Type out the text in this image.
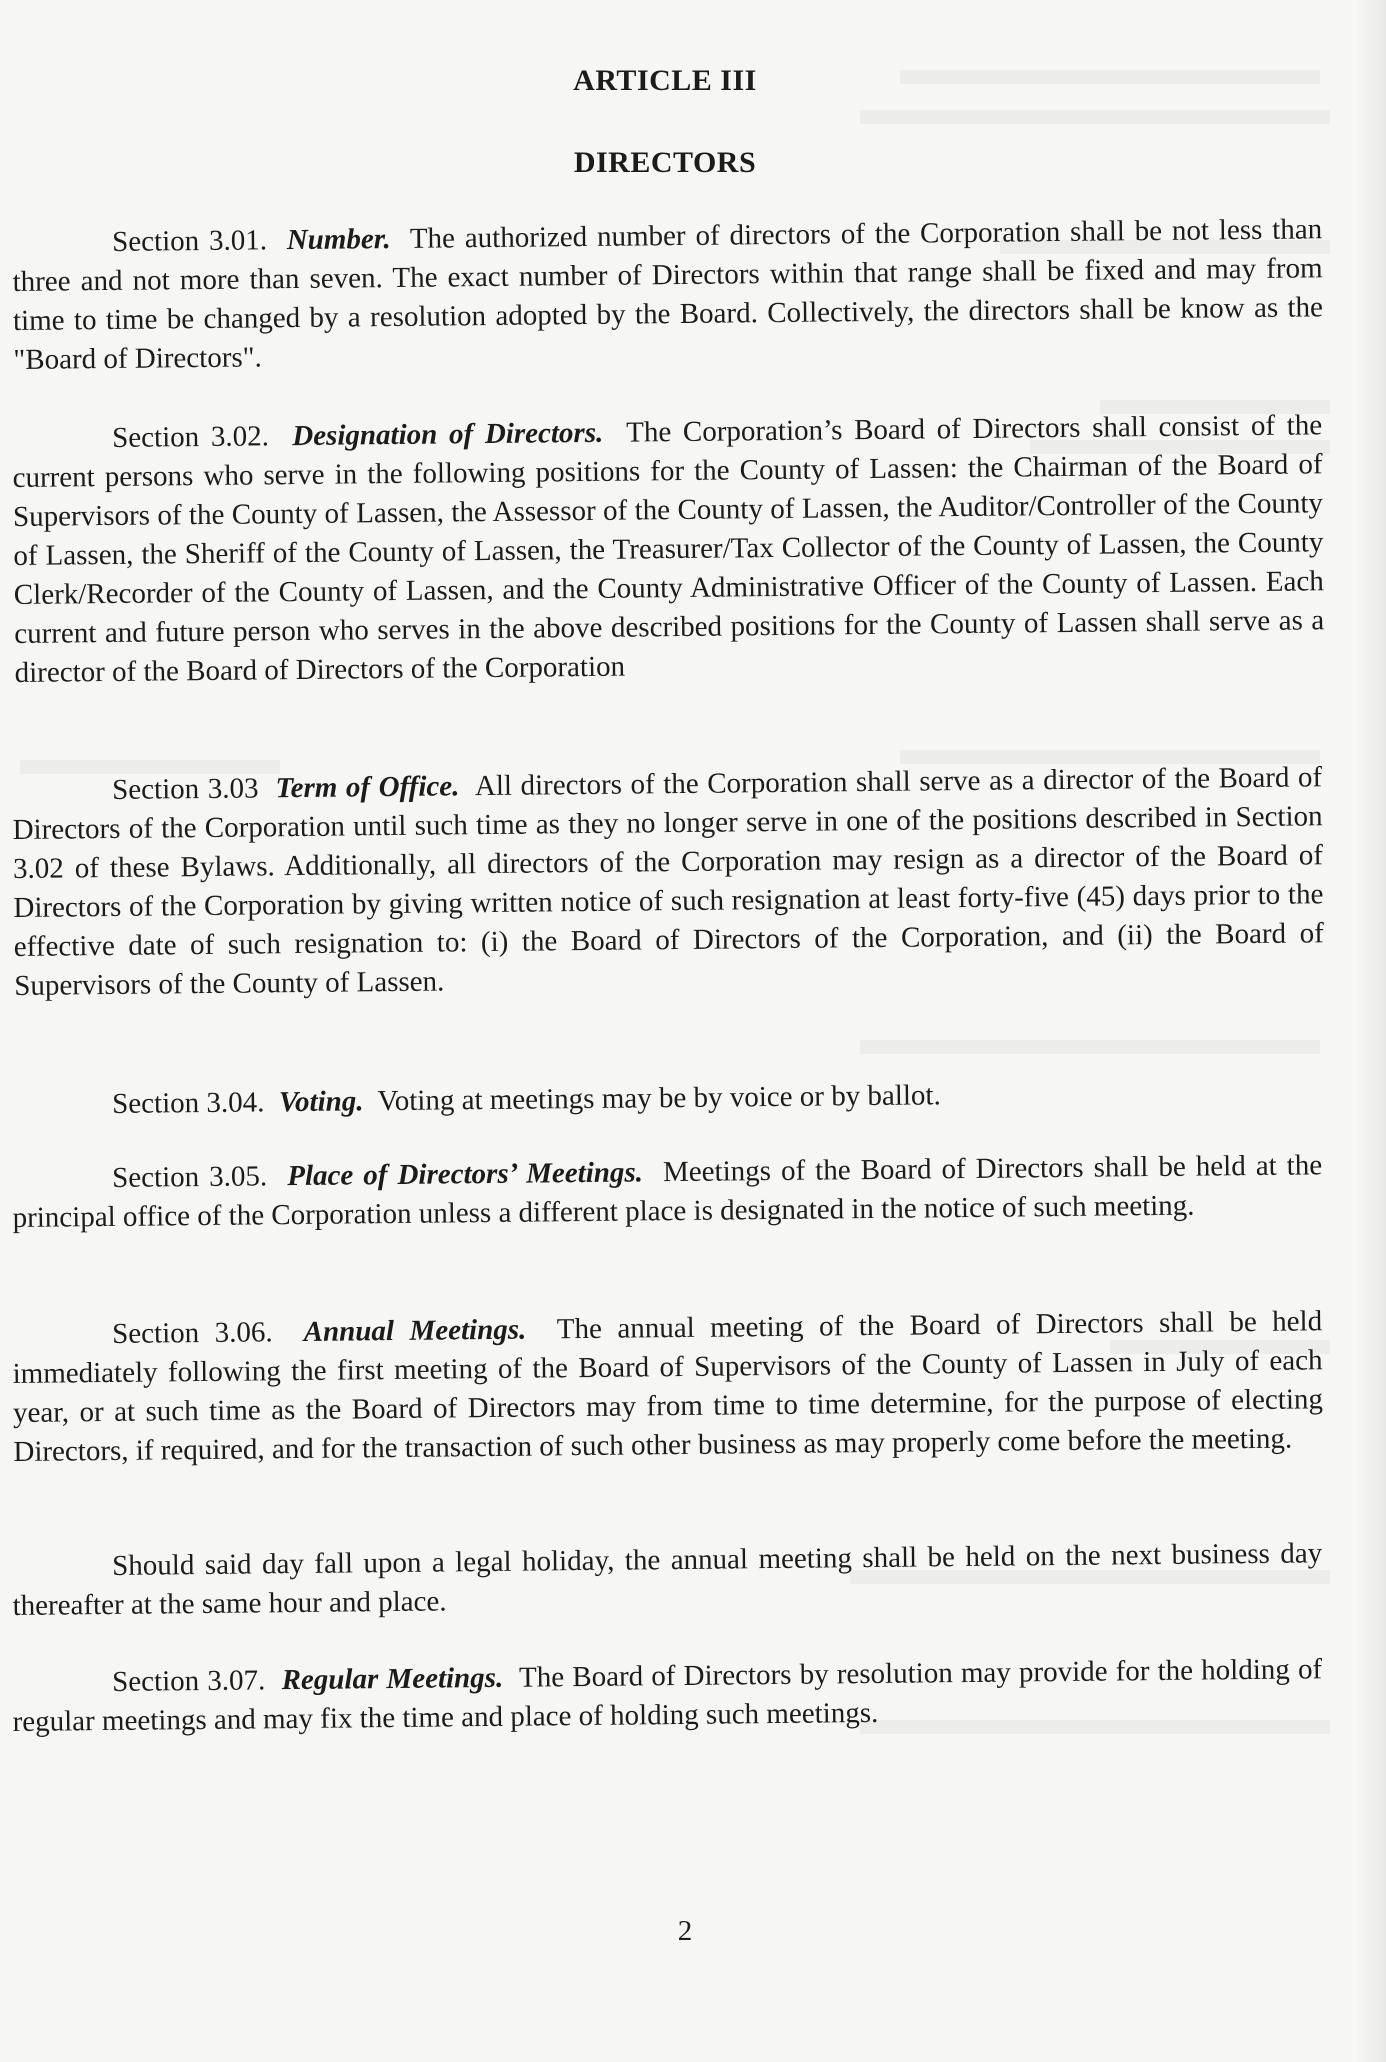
ARTICLE III
DIRECTORS
Section 3.01. Number. The authorized number of directors of the Corporation shall be not less than three and not more than seven. The exact number of Directors within that range shall be fixed and may from time to time be changed by a resolution adopted by the Board. Collectively, the directors shall be know as the "Board of Directors".
Section 3.02. Designation of Directors. The Corporation’s Board of Directors shall consist of the current persons who serve in the following positions for the County of Lassen: the Chairman of the Board of Supervisors of the County of Lassen, the Assessor of the County of Lassen, the Auditor/Controller of the County of Lassen, the Sheriff of the County of Lassen, the Treasurer/Tax Collector of the County of Lassen, the County Clerk/Recorder of the County of Lassen, and the County Administrative Officer of the County of Lassen. Each current and future person who serves in the above described positions for the County of Lassen shall serve as a director of the Board of Directors of the Corporation
Section 3.03 Term of Office. All directors of the Corporation shall serve as a director of the Board of Directors of the Corporation until such time as they no longer serve in one of the positions described in Section 3.02 of these Bylaws. Additionally, all directors of the Corporation may resign as a director of the Board of Directors of the Corporation by giving written notice of such resignation at least forty-five (45) days prior to the effective date of such resignation to: (i) the Board of Directors of the Corporation, and (ii) the Board of Supervisors of the County of Lassen.
Section 3.04. Voting. Voting at meetings may be by voice or by ballot.
Section 3.05. Place of Directors’ Meetings. Meetings of the Board of Directors shall be held at the principal office of the Corporation unless a different place is designated in the notice of such meeting.
Section 3.06. Annual Meetings. The annual meeting of the Board of Directors shall be held immediately following the first meeting of the Board of Supervisors of the County of Lassen in July of each year, or at such time as the Board of Directors may from time to time determine, for the purpose of electing Directors, if required, and for the transaction of such other business as may properly come before the meeting.
Should said day fall upon a legal holiday, the annual meeting shall be held on the next business day thereafter at the same hour and place.
Section 3.07. Regular Meetings. The Board of Directors by resolution may provide for the holding of regular meetings and may fix the time and place of holding such meetings.
2
